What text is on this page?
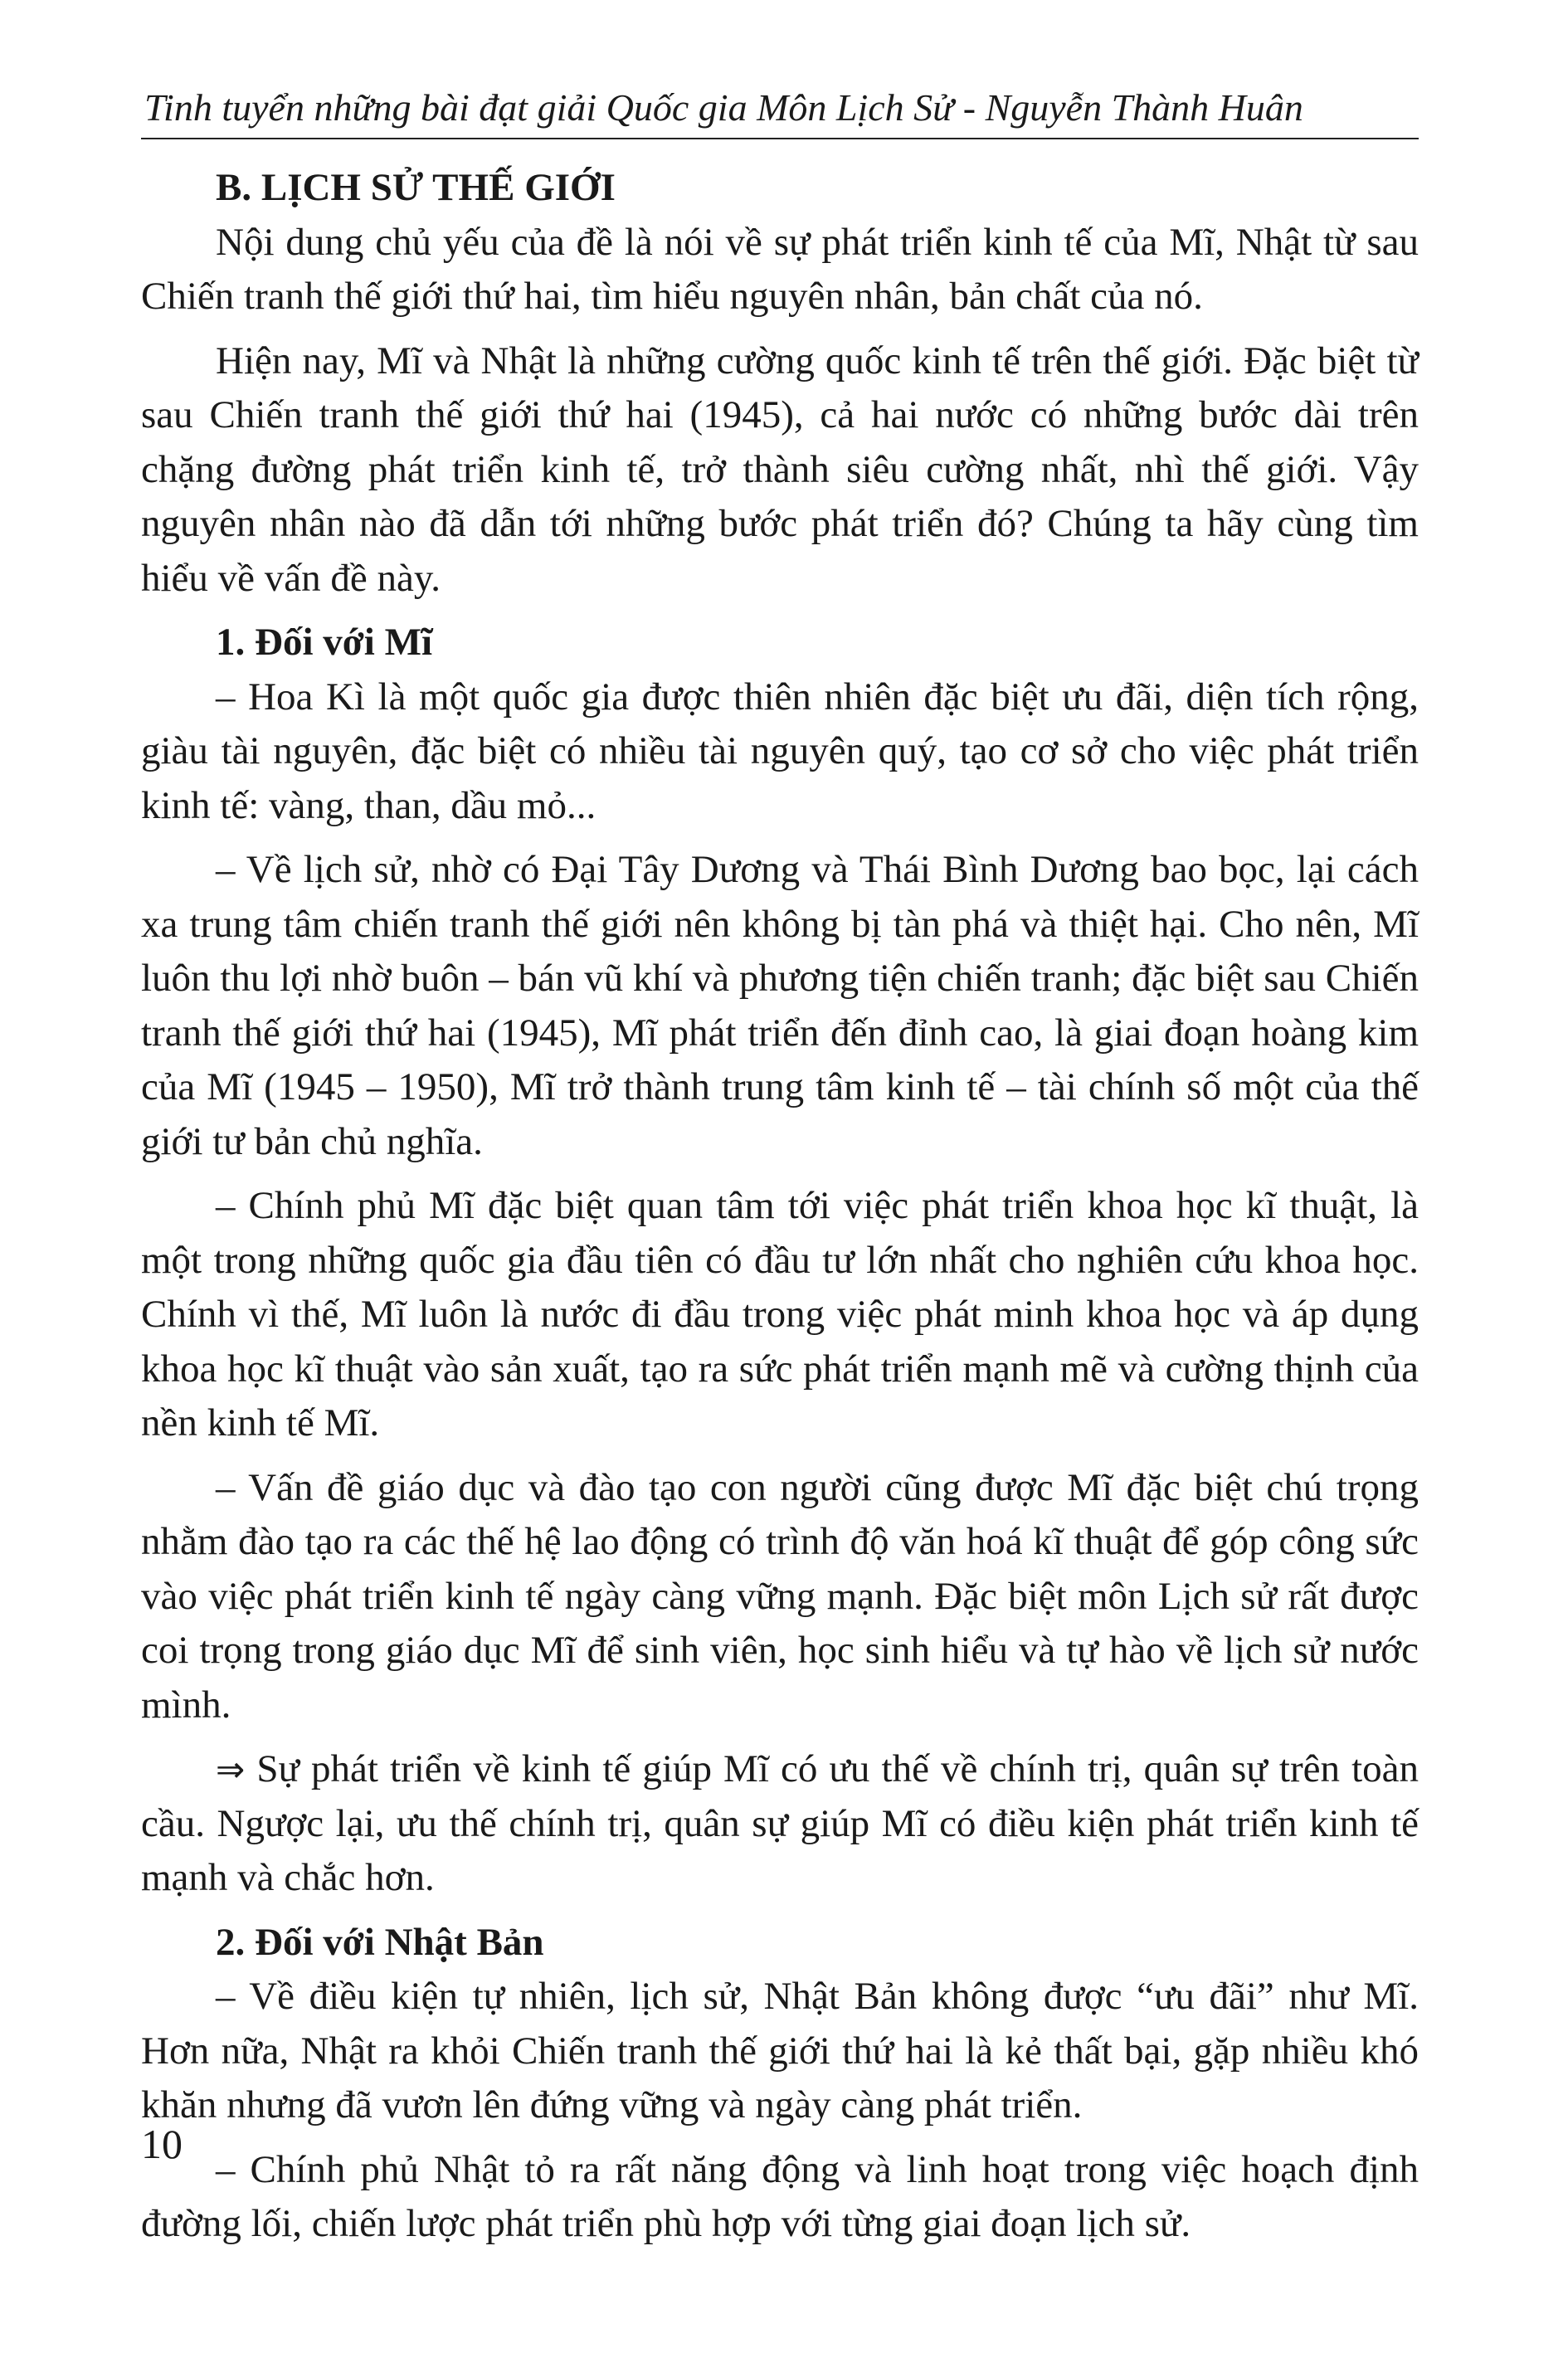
Tinh tuyển những bài đạt giải Quốc gia Môn Lịch Sử - Nguyễn Thành Huân

B. LỊCH SỬ THẾ GIỚI

Nội dung chủ yếu của đề là nói về sự phát triển kinh tế của Mĩ, Nhật từ sau Chiến tranh thế giới thứ hai, tìm hiểu nguyên nhân, bản chất của nó.

Hiện nay, Mĩ và Nhật là những cường quốc kinh tế trên thế giới. Đặc biệt từ sau Chiến tranh thế giới thứ hai (1945), cả hai nước có những bước dài trên chặng đường phát triển kinh tế, trở thành siêu cường nhất, nhì thế giới. Vậy nguyên nhân nào đã dẫn tới những bước phát triển đó? Chúng ta hãy cùng tìm hiểu về vấn đề này.

1. Đối với Mĩ

– Hoa Kì là một quốc gia được thiên nhiên đặc biệt ưu đãi, diện tích rộng, giàu tài nguyên, đặc biệt có nhiều tài nguyên quý, tạo cơ sở cho việc phát triển kinh tế: vàng, than, dầu mỏ...

– Về lịch sử, nhờ có Đại Tây Dương và Thái Bình Dương bao bọc, lại cách xa trung tâm chiến tranh thế giới nên không bị tàn phá và thiệt hại. Cho nên, Mĩ luôn thu lợi nhờ buôn – bán vũ khí và phương tiện chiến tranh; đặc biệt sau Chiến tranh thế giới thứ hai (1945), Mĩ phát triển đến đỉnh cao, là giai đoạn hoàng kim của Mĩ (1945 – 1950), Mĩ trở thành trung tâm kinh tế – tài chính số một của thế giới tư bản chủ nghĩa.

– Chính phủ Mĩ đặc biệt quan tâm tới việc phát triển khoa học kĩ thuật, là một trong những quốc gia đầu tiên có đầu tư lớn nhất cho nghiên cứu khoa học. Chính vì thế, Mĩ luôn là nước đi đầu trong việc phát minh khoa học và áp dụng khoa học kĩ thuật vào sản xuất, tạo ra sức phát triển mạnh mẽ và cường thịnh của nền kinh tế Mĩ.

– Vấn đề giáo dục và đào tạo con người cũng được Mĩ đặc biệt chú trọng nhằm đào tạo ra các thế hệ lao động có trình độ văn hoá kĩ thuật để góp công sức vào việc phát triển kinh tế ngày càng vững mạnh. Đặc biệt môn Lịch sử rất được coi trọng trong giáo dục Mĩ để sinh viên, học sinh hiểu và tự hào về lịch sử nước mình.

⇒ Sự phát triển về kinh tế giúp Mĩ có ưu thế về chính trị, quân sự trên toàn cầu. Ngược lại, ưu thế chính trị, quân sự giúp Mĩ có điều kiện phát triển kinh tế mạnh và chắc hơn.

2. Đối với Nhật Bản

– Về điều kiện tự nhiên, lịch sử, Nhật Bản không được “ưu đãi” như Mĩ. Hơn nữa, Nhật ra khỏi Chiến tranh thế giới thứ hai là kẻ thất bại, gặp nhiều khó khăn nhưng đã vươn lên đứng vững và ngày càng phát triển.

– Chính phủ Nhật tỏ ra rất năng động và linh hoạt trong việc hoạch định đường lối, chiến lược phát triển phù hợp với từng giai đoạn lịch sử.

10
